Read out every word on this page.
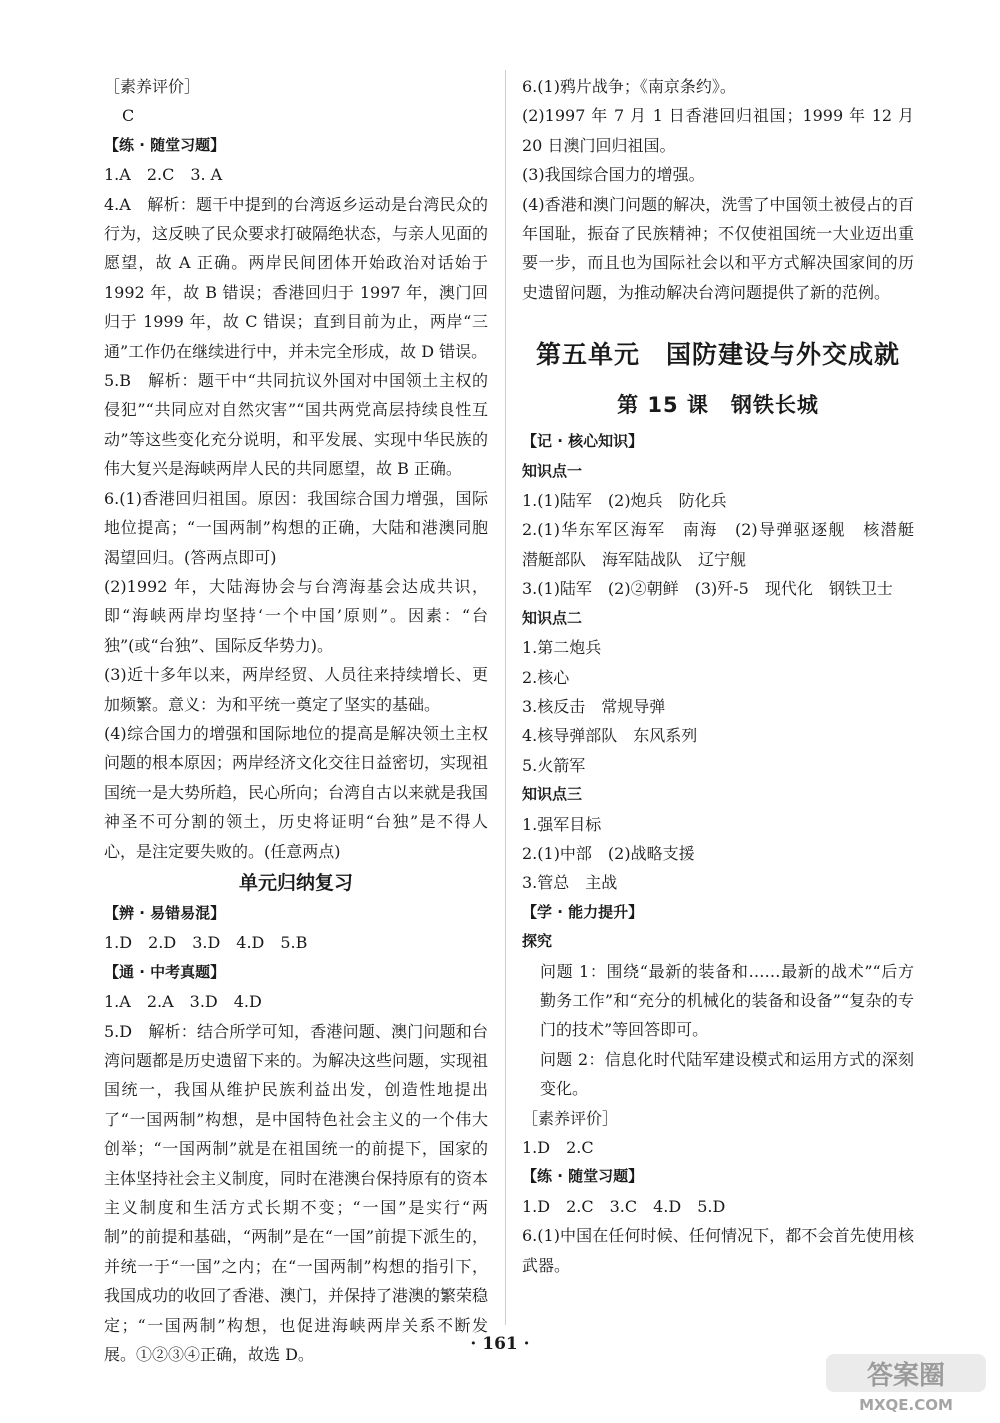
［素养评价］

C

【练 · 随堂习题】

1.A　2.C　3. A

4.A　解析：题干中提到的台湾返乡运动是台湾民众的行为，这反映了民众要求打破隔绝状态，与亲人见面的愿望，故 A 正确。两岸民间团体开始政治对话始于 1992 年，故 B 错误；香港回归于 1997 年，澳门回归于 1999 年，故 C 错误；直到目前为止，两岸“三通”工作仍在继续进行中，并未完全形成，故 D 错误。

5.B　解析：题干中“共同抗议外国对中国领土主权的侵犯”“共同应对自然灾害”“国共两党高层持续良性互动”等这些变化充分说明，和平发展、实现中华民族的伟大复兴是海峡两岸人民的共同愿望，故 B 正确。

6.(1)香港回归祖国。原因：我国综合国力增强，国际地位提高；“一国两制”构想的正确，大陆和港澳同胞渴望回归。(答两点即可)

(2)1992 年，大陆海协会与台湾海基会达成共识，即“海峡两岸均坚持‘一个中国’原则”。因素：“台独”(或“台独”、国际反华势力)。

(3)近十多年以来，两岸经贸、人员往来持续增长、更加频繁。意义：为和平统一奠定了坚实的基础。

(4)综合国力的增强和国际地位的提高是解决领土主权问题的根本原因；两岸经济文化交往日益密切，实现祖国统一是大势所趋，民心所向；台湾自古以来就是我国神圣不可分割的领土，历史将证明“台独”是不得人心，是注定要失败的。(任意两点)

单元归纳复习

【辨 · 易错易混】

1.D　2.D　3.D　4.D　5.B

【通 · 中考真题】

1.A　2.A　3.D　4.D

5.D　解析：结合所学可知，香港问题、澳门问题和台湾问题都是历史遗留下来的。为解决这些问题，实现祖国统一，我国从维护民族利益出发，创造性地提出了“一国两制”构想，是中国特色社会主义的一个伟大创举；“一国两制”就是在祖国统一的前提下，国家的主体坚持社会主义制度，同时在港澳台保持原有的资本主义制度和生活方式长期不变；“一国”是实行“两制”的前提和基础，“两制”是在“一国”前提下派生的，并统一于“一国”之内；在“一国两制”构想的指引下，我国成功的收回了香港、澳门，并保持了港澳的繁荣稳定；“一国两制”构想，也促进海峡两岸关系不断发展。①②③④正确，故选 D。

6.(1)鸦片战争；《南京条约》。

(2)1997 年 7 月 1 日香港回归祖国；1999 年 12 月 20 日澳门回归祖国。

(3)我国综合国力的增强。

(4)香港和澳门问题的解决，洗雪了中国领土被侵占的百年国耻，振奋了民族精神；不仅使祖国统一大业迈出重要一步，而且也为国际社会以和平方式解决国家间的历史遗留问题，为推动解决台湾问题提供了新的范例。

第五单元　国防建设与外交成就
第 15 课　钢铁长城

【记 · 核心知识】

知识点一

1.(1)陆军　(2)炮兵　防化兵

2.(1)华东军区海军　南海　(2)导弹驱逐舰　核潜艇　潜艇部队　海军陆战队　辽宁舰

3.(1)陆军　(2)②朝鲜　(3)歼-5　现代化　钢铁卫士

知识点二

1.第二炮兵

2.核心

3.核反击　常规导弹

4.核导弹部队　东风系列

5.火箭军

知识点三

1.强军目标

2.(1)中部　(2)战略支援

3.管总　主战

【学 · 能力提升】

探究

问题 1：围绕“最新的装备和……最新的战术”“后方勤务工作”和“充分的机械化的装备和设备”“复杂的专门的技术”等回答即可。

问题 2：信息化时代陆军建设模式和运用方式的深刻变化。

［素养评价］

1.D　2.C

【练 · 随堂习题】

1.D　2.C　3.C　4.D　5.D

6.(1)中国在任何时候、任何情况下，都不会首先使用核武器。

· 161 ·
答案圈
MXQE.COM
